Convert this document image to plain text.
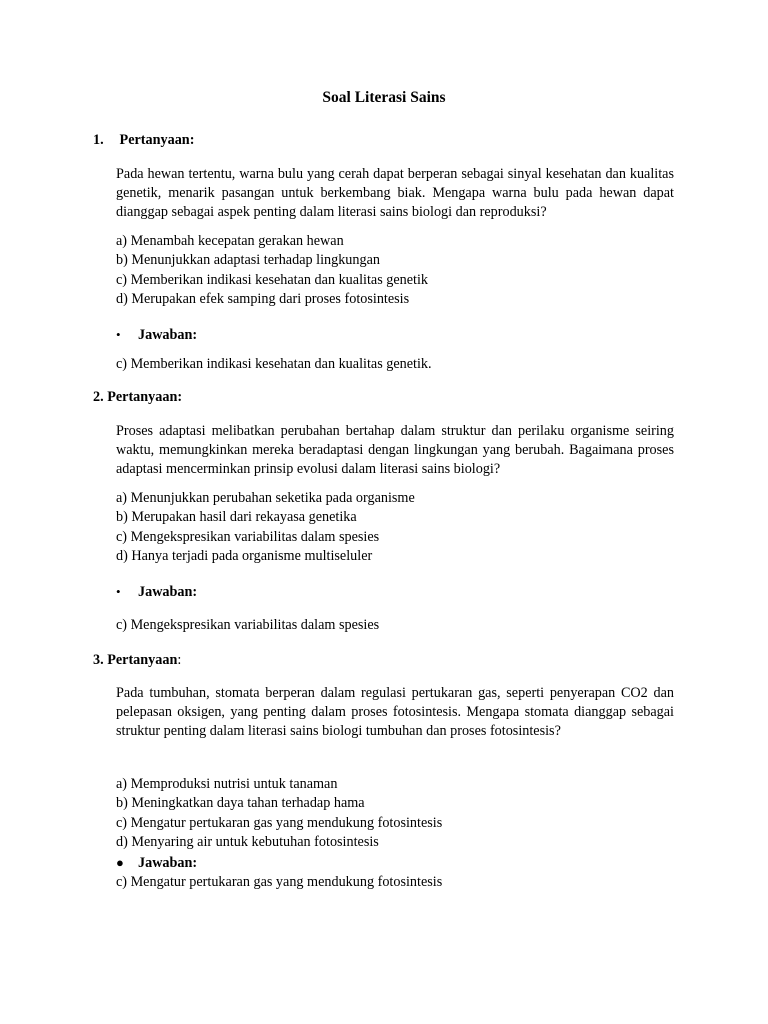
Soal Literasi Sains
1. Pertanyaan:
Pada hewan tertentu, warna bulu yang cerah dapat berperan sebagai sinyal kesehatan dan kualitas genetik, menarik pasangan untuk berkembang biak. Mengapa warna bulu pada hewan dapat dianggap sebagai aspek penting dalam literasi sains biologi dan reproduksi?
a) Menambah kecepatan gerakan hewan
b) Menunjukkan adaptasi terhadap lingkungan
c) Memberikan indikasi kesehatan dan kualitas genetik
d) Merupakan efek samping dari proses fotosintesis
• Jawaban:
c) Memberikan indikasi kesehatan dan kualitas genetik.
2. Pertanyaan:
Proses adaptasi melibatkan perubahan bertahap dalam struktur dan perilaku organisme seiring waktu, memungkinkan mereka beradaptasi dengan lingkungan yang berubah. Bagaimana proses adaptasi mencerminkan prinsip evolusi dalam literasi sains biologi?
a) Menunjukkan perubahan seketika pada organisme
b) Merupakan hasil dari rekayasa genetika
c) Mengekspresikan variabilitas dalam spesies
d) Hanya terjadi pada organisme multiseluler
• Jawaban:
c) Mengekspresikan variabilitas dalam spesies
3. Pertanyaan:
Pada tumbuhan, stomata berperan dalam regulasi pertukaran gas, seperti penyerapan CO2 dan pelepasan oksigen, yang penting dalam proses fotosintesis. Mengapa stomata dianggap sebagai struktur penting dalam literasi sains biologi tumbuhan dan proses fotosintesis?
a) Memproduksi nutrisi untuk tanaman
b) Meningkatkan daya tahan terhadap hama
c) Mengatur pertukaran gas yang mendukung fotosintesis
d) Menyaring air untuk kebutuhan fotosintesis
● Jawaban:
c) Mengatur pertukaran gas yang mendukung fotosintesis
